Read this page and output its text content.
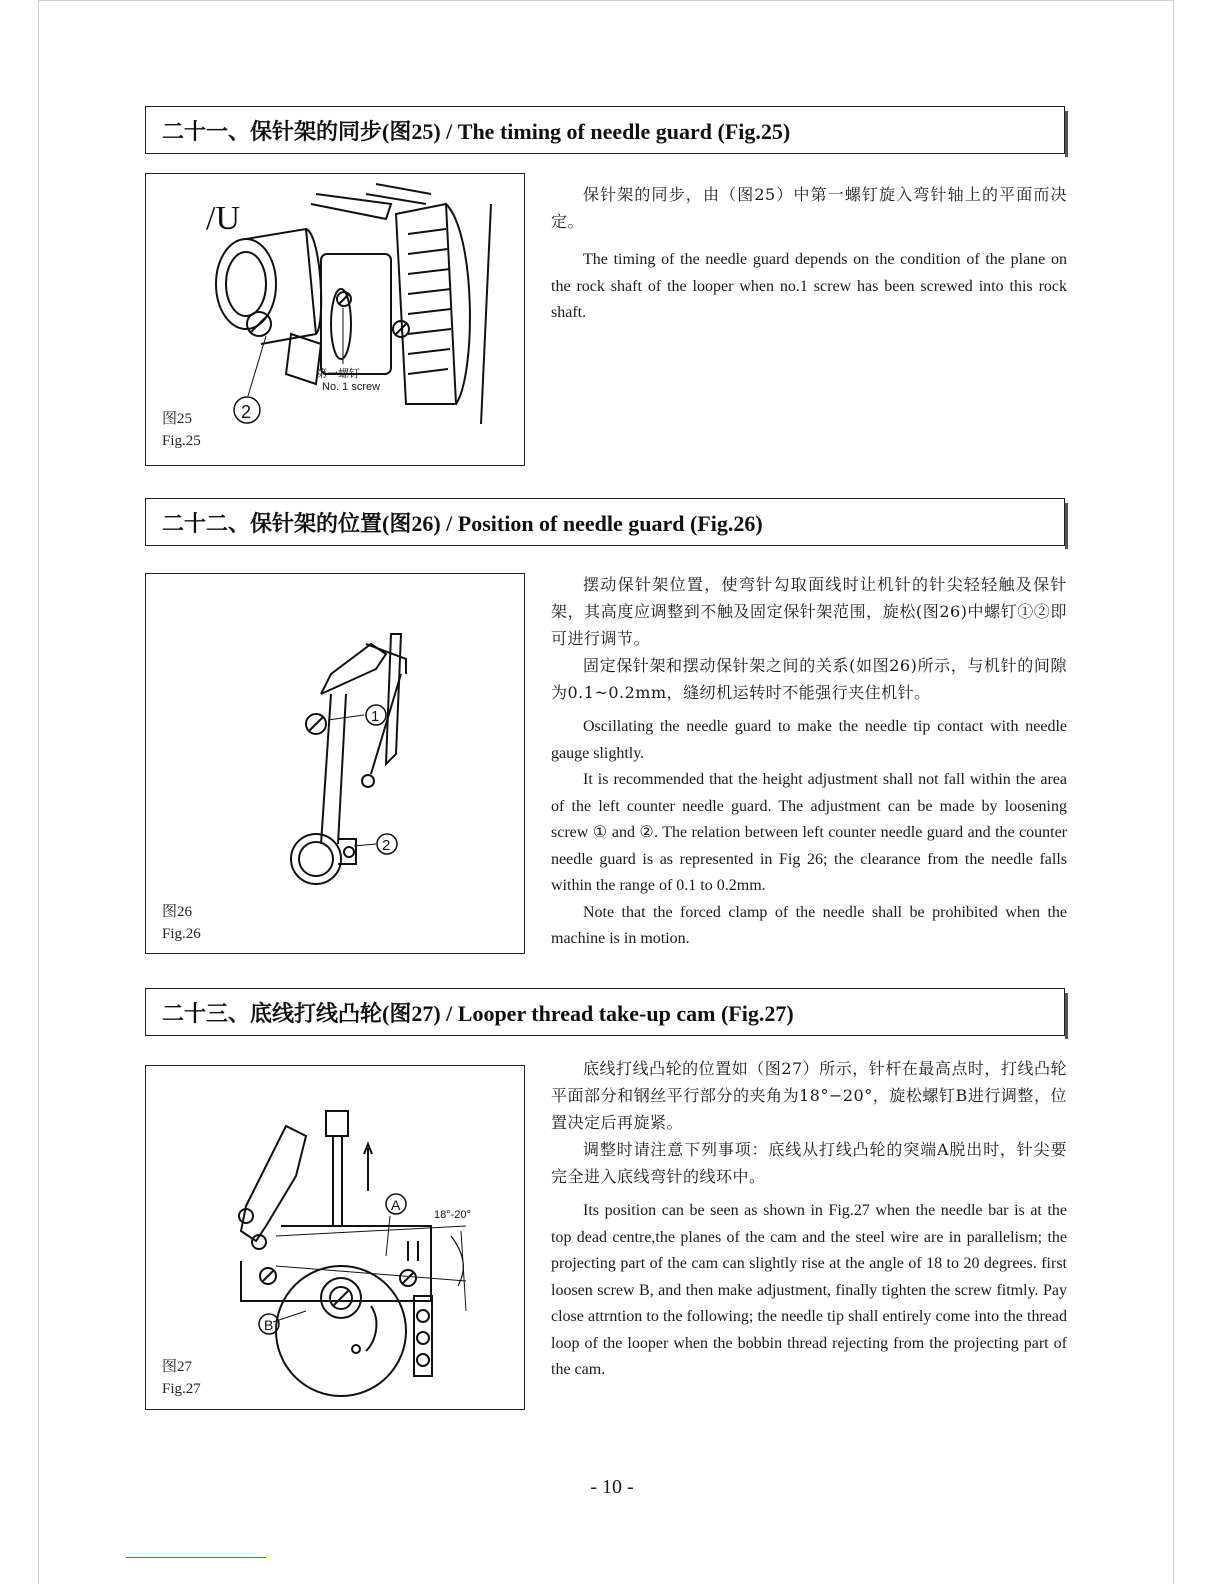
二十一、保针架的同步(图25) / The timing of needle guard (Fig.25)
/U
第一螺钉
No. 1 screw
2
图25
Fig.25

保针架的同步，由（图25）中第一螺钉旋入弯针轴上的平面而决定。

The timing of the needle guard depends on the condition of the plane on the rock shaft of the looper when no.1 screw has been screwed into this rock shaft.

二十二、保针架的位置(图26) / Position of needle guard (Fig.26)
1
2
图26
Fig.26

摆动保针架位置，使弯针勾取面线时让机针的针尖轻轻触及保针架，其高度应调整到不触及固定保针架范围，旋松(图26)中螺钉①②即可进行调节。

固定保针架和摆动保针架之间的关系(如图26)所示，与机针的间隙为0.1~0.2mm，缝纫机运转时不能强行夹住机针。

Oscillating the needle guard to make the needle tip contact with needle gauge slightly.

It is recommended that the height adjustment shall not fall within the area of the left counter needle guard. The adjustment can be made by loosening screw ① and ②. The relation between left counter needle guard and the counter needle guard is as represented in Fig 26; the clearance from the needle falls within the range of 0.1 to 0.2mm.

Note that the forced clamp of the needle shall be prohibited when the machine is in motion.

二十三、底线打线凸轮(图27) / Looper thread take-up cam (Fig.27)
A
B
18°-20°
图27
Fig.27

底线打线凸轮的位置如（图27）所示，针杆在最高点时，打线凸轮平面部分和钢丝平行部分的夹角为18°−20°，旋松螺钉B进行调整，位置决定后再旋紧。

调整时请注意下列事项：底线从打线凸轮的突端A脱出时，针尖要完全进入底线弯针的线环中。

Its position can be seen as shown in Fig.27 when the needle bar is at the top dead centre,the planes of the cam and the steel wire are in parallelism; the projecting part of the cam can slightly rise at the angle of 18 to 20 degrees. first loosen screw B, and then make adjustment, finally tighten the screw fitmly. Pay close attrntion to the following; the needle tip shall entirely come into the thread loop of the looper when the bobbin thread rejecting from the projecting part of the cam.

- 10 -
